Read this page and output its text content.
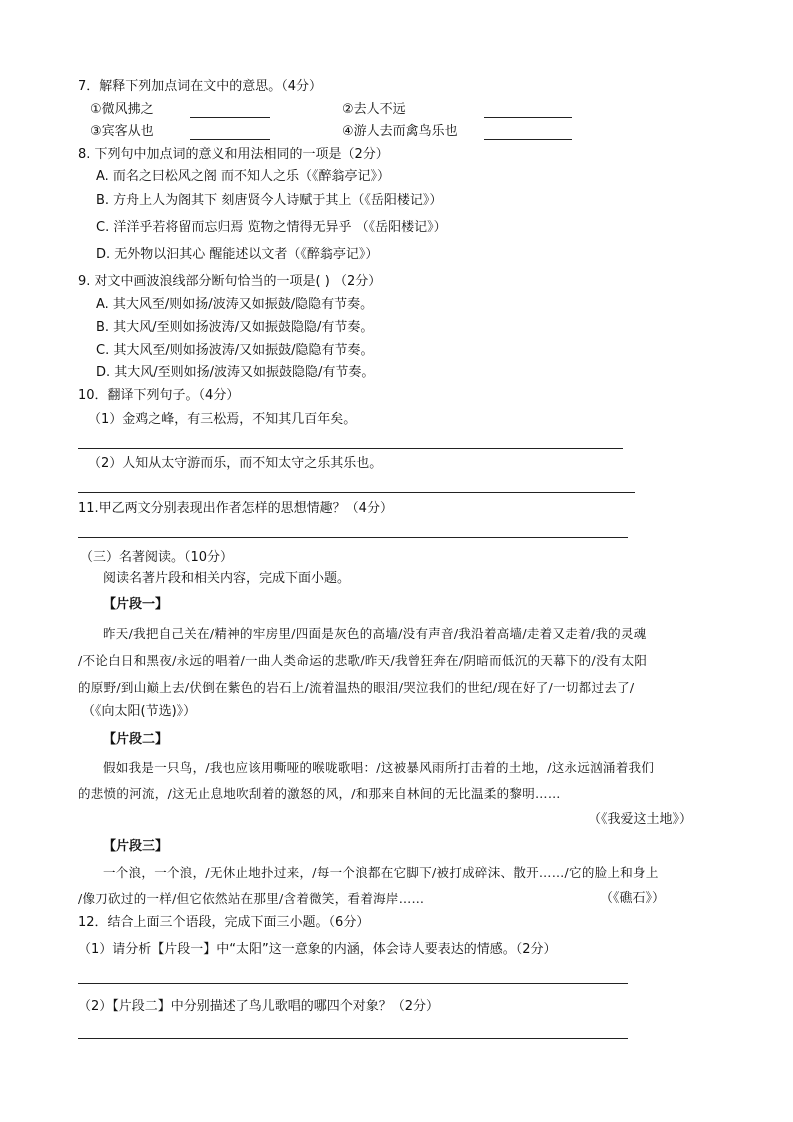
7．解释下列加点词在文中的意思。（4分）
①微风拂之	②去人不远
③宾客从也	④游人去而禽鸟乐也
8. 下列句中加点词的意义和用法相同的一项是（2分）
A. 而名之曰松风之阁 而不知人之乐（《醉翁亭记》）
B. 方舟上人为阁其下 刻唐贤今人诗赋于其上（《岳阳楼记》）
C. 洋洋乎若将留而忘归焉 览物之情得无异乎 （《岳阳楼记》）
D. 无外物以汩其心 醒能述以文者（《醉翁亭记》）
9. 对文中画波浪线部分断句恰当的一项是( ) （2分）
A. 其大风至/则如扬/波涛又如振鼓/隐隐有节奏。
B. 其大风/至则如扬波涛/又如振鼓隐隐/有节奏。
C. 其大风至/则如扬波涛/又如振鼓/隐隐有节奏。
D. 其大风/至则如扬/波涛又如振鼓隐隐/有节奏。
10．翻译下列句子。（4分）
（1）金鸡之峰，有三松焉，不知其几百年矣。
（2）人知从太守游而乐，而不知太守之乐其乐也。
11.甲乙两文分别表现出作者怎样的思想情趣？（4分）
（三）名著阅读。（10分）
阅读名著片段和相关内容，完成下面小题。
【片段一】
昨天/我把自己关在/精神的牢房里/四面是灰色的高墙/没有声音/我沿着高墙/走着又走着/我的灵魂
/不论白日和黑夜/永远的唱着/一曲人类命运的悲歌/昨天/我曾狂奔在/阴暗而低沉的天幕下的/没有太阳
的原野/到山巅上去/伏倒在紫色的岩石上/流着温热的眼泪/哭泣我们的世纪/现在好了/一切都过去了/
（《向太阳(节选)》）
【片段二】
假如我是一只鸟，/我也应该用嘶哑的喉咙歌唱：/这被暴风雨所打击着的土地，/这永远汹涌着我们
的悲愤的河流，/这无止息地吹刮着的激怒的风，/和那来自林间的无比温柔的黎明……
（《我爱这土地》）
【片段三】
一个浪，一个浪，/无休止地扑过来，/每一个浪都在它脚下/被打成碎沫、散开……/它的脸上和身上
/像刀砍过的一样/但它依然站在那里/含着微笑，看着海岸……	（《礁石》）
12．结合上面三个语段，完成下面三小题。（6分）
（1）请分析【片段一】中“太阳”这一意象的内涵，体会诗人要表达的情感。（2分）
（2）【片段二】中分别描述了鸟儿歌唱的哪四个对象？（2分）
